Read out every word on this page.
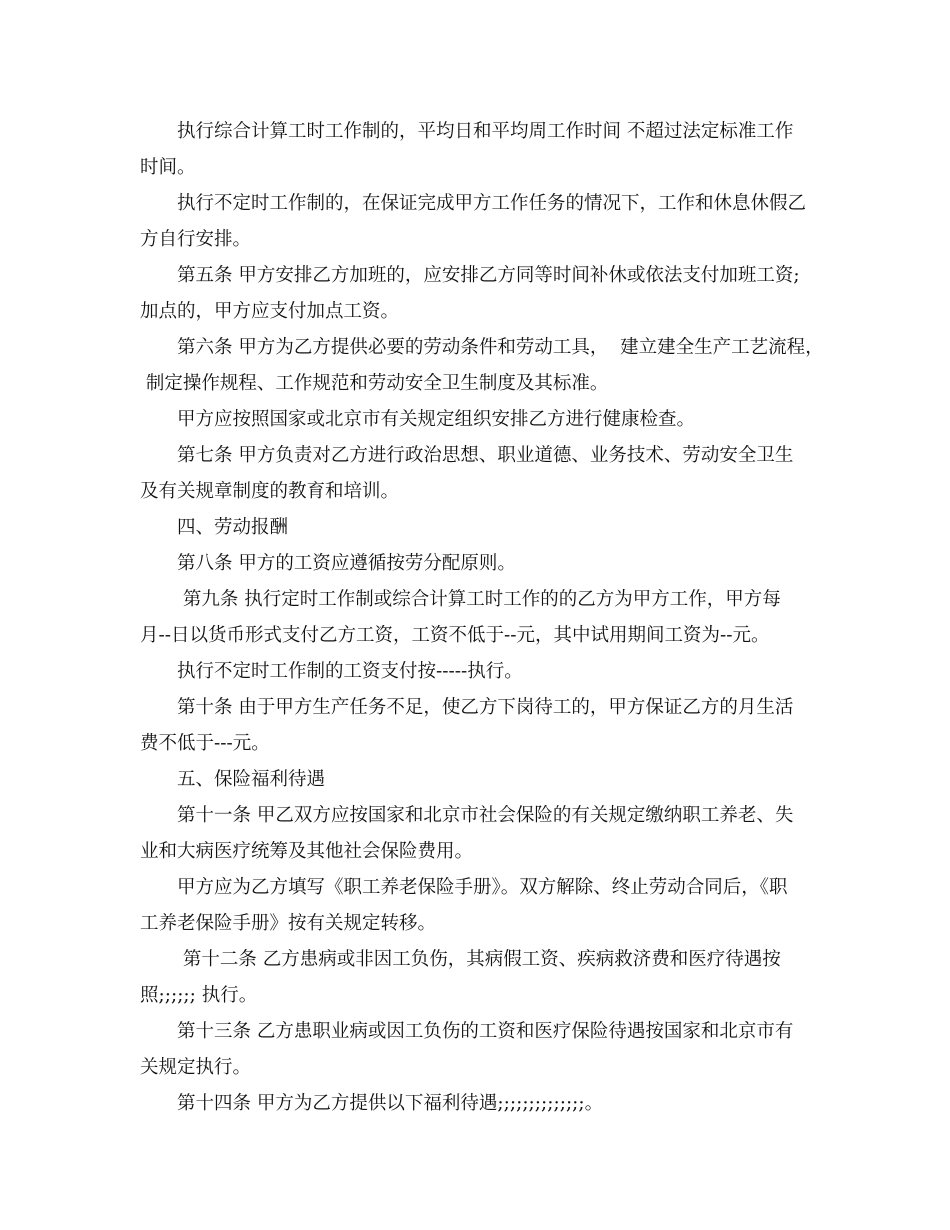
执行综合计算工时工作制的，平均日和平均周工作时间 不超过法定标准工作
时间。
执行不定时工作制的，在保证完成甲方工作任务的情况下，工作和休息休假乙
方自行安排。
第五条 甲方安排乙方加班的，应安排乙方同等时间补休或依法支付加班工资;
加点的，甲方应支付加点工资。
第六条 甲方为乙方提供必要的劳动条件和劳动工具，  建立建全生产工艺流程，
制定操作规程、工作规范和劳动安全卫生制度及其标准。
甲方应按照国家或北京市有关规定组织安排乙方进行健康检查。
第七条 甲方负责对乙方进行政治思想、职业道德、业务技术、劳动安全卫生
及有关规章制度的教育和培训。
四、劳动报酬
第八条 甲方的工资应遵循按劳分配原则。
第九条 执行定时工作制或综合计算工时工作的的乙方为甲方工作，甲方每
月--日以货币形式支付乙方工资，工资不低于--元，其中试用期间工资为--元。
执行不定时工作制的工资支付按-----执行。
第十条 由于甲方生产任务不足，使乙方下岗待工的，甲方保证乙方的月生活
费不低于---元。
五、保险福利待遇
第十一条 甲乙双方应按国家和北京市社会保险的有关规定缴纳职工养老、失
业和大病医疗统筹及其他社会保险费用。
甲方应为乙方填写《职工养老保险手册》。双方解除、终止劳动合同后，《职
工养老保险手册》按有关规定转移。
第十二条 乙方患病或非因工负伤，其病假工资、疾病救济费和医疗待遇按
照;;;;;; 执行。
第十三条 乙方患职业病或因工负伤的工资和医疗保险待遇按国家和北京市有
关规定执行。
第十四条 甲方为乙方提供以下福利待遇;;;;;;;;;;;;;;。
